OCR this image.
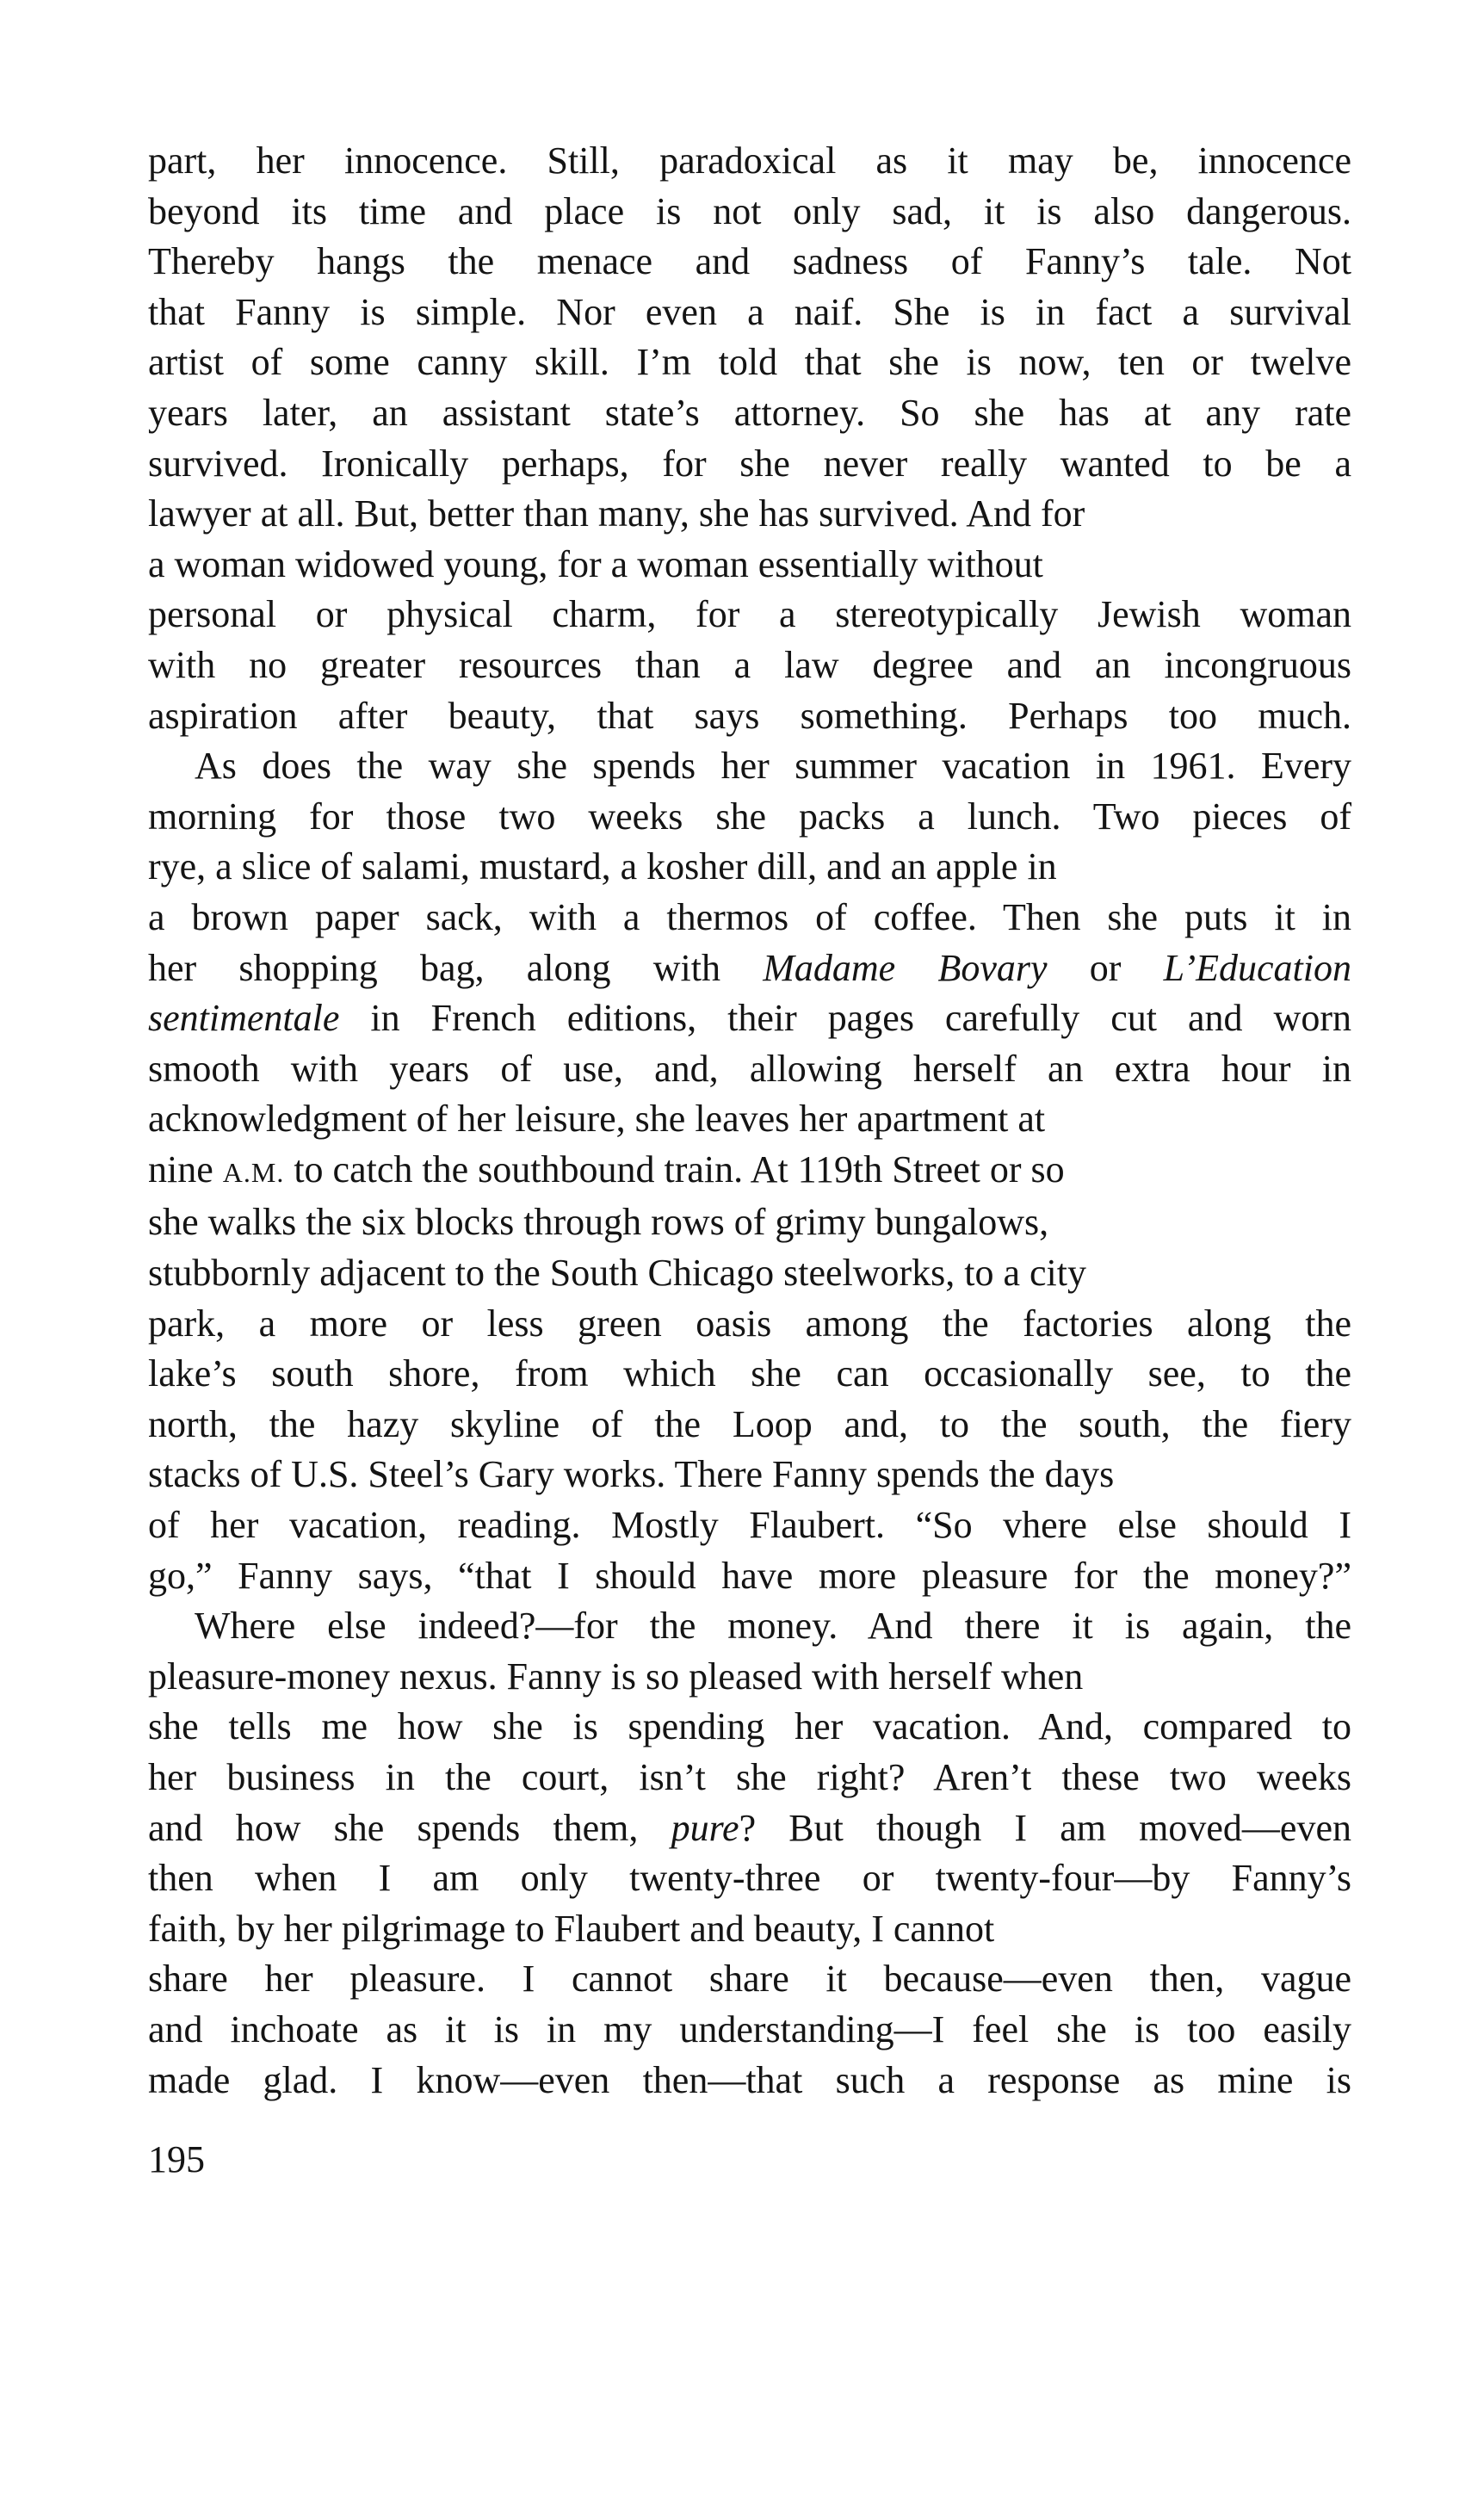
part, her innocence. Still, paradoxical as it may be, innocence
beyond its time and place is not only sad, it is also dangerous.
Thereby hangs the menace and sadness of Fanny’s tale. Not
that Fanny is simple. Nor even a naif. She is in fact a survival
artist of some canny skill. I’m told that she is now, ten or twelve
years later, an assistant state’s attorney. So she has at any rate
survived. Ironically perhaps, for she never really wanted to be a
lawyer at all. But, better than many, she has survived. And for
a woman widowed young, for a woman essentially without
personal or physical charm, for a stereotypically Jewish woman
with no greater resources than a law degree and an incongruous
aspiration after beauty, that says something. Perhaps too much.
As does the way she spends her summer vacation in 1961. Every
morning for those two weeks she packs a lunch. Two pieces of
rye, a slice of salami, mustard, a kosher dill, and an apple in
a brown paper sack, with a thermos of coffee. Then she puts it in
her shopping bag, along with Madame Bovary or L’Education
sentimentale in French editions, their pages carefully cut and worn
smooth with years of use, and, allowing herself an extra hour in
acknowledgment of her leisure, she leaves her apartment at
nine A.M. to catch the southbound train. At 119th Street or so
she walks the six blocks through rows of grimy bungalows,
stubbornly adjacent to the South Chicago steelworks, to a city
park, a more or less green oasis among the factories along the
lake’s south shore, from which she can occasionally see, to the
north, the hazy skyline of the Loop and, to the south, the fiery
stacks of U.S. Steel’s Gary works. There Fanny spends the days
of her vacation, reading. Mostly Flaubert. “So vhere else should I
go,” Fanny says, “that I should have more pleasure for the money?”
Where else indeed?—for the money. And there it is again, the
pleasure-money nexus. Fanny is so pleased with herself when
she tells me how she is spending her vacation. And, compared to
her business in the court, isn’t she right? Aren’t these two weeks
and how she spends them, pure? But though I am moved—even
then when I am only twenty-three or twenty-four—by Fanny’s
faith, by her pilgrimage to Flaubert and beauty, I cannot
share her pleasure. I cannot share it because—even then, vague
and inchoate as it is in my understanding—I feel she is too easily
made glad. I know—even then—that such a response as mine is
195
